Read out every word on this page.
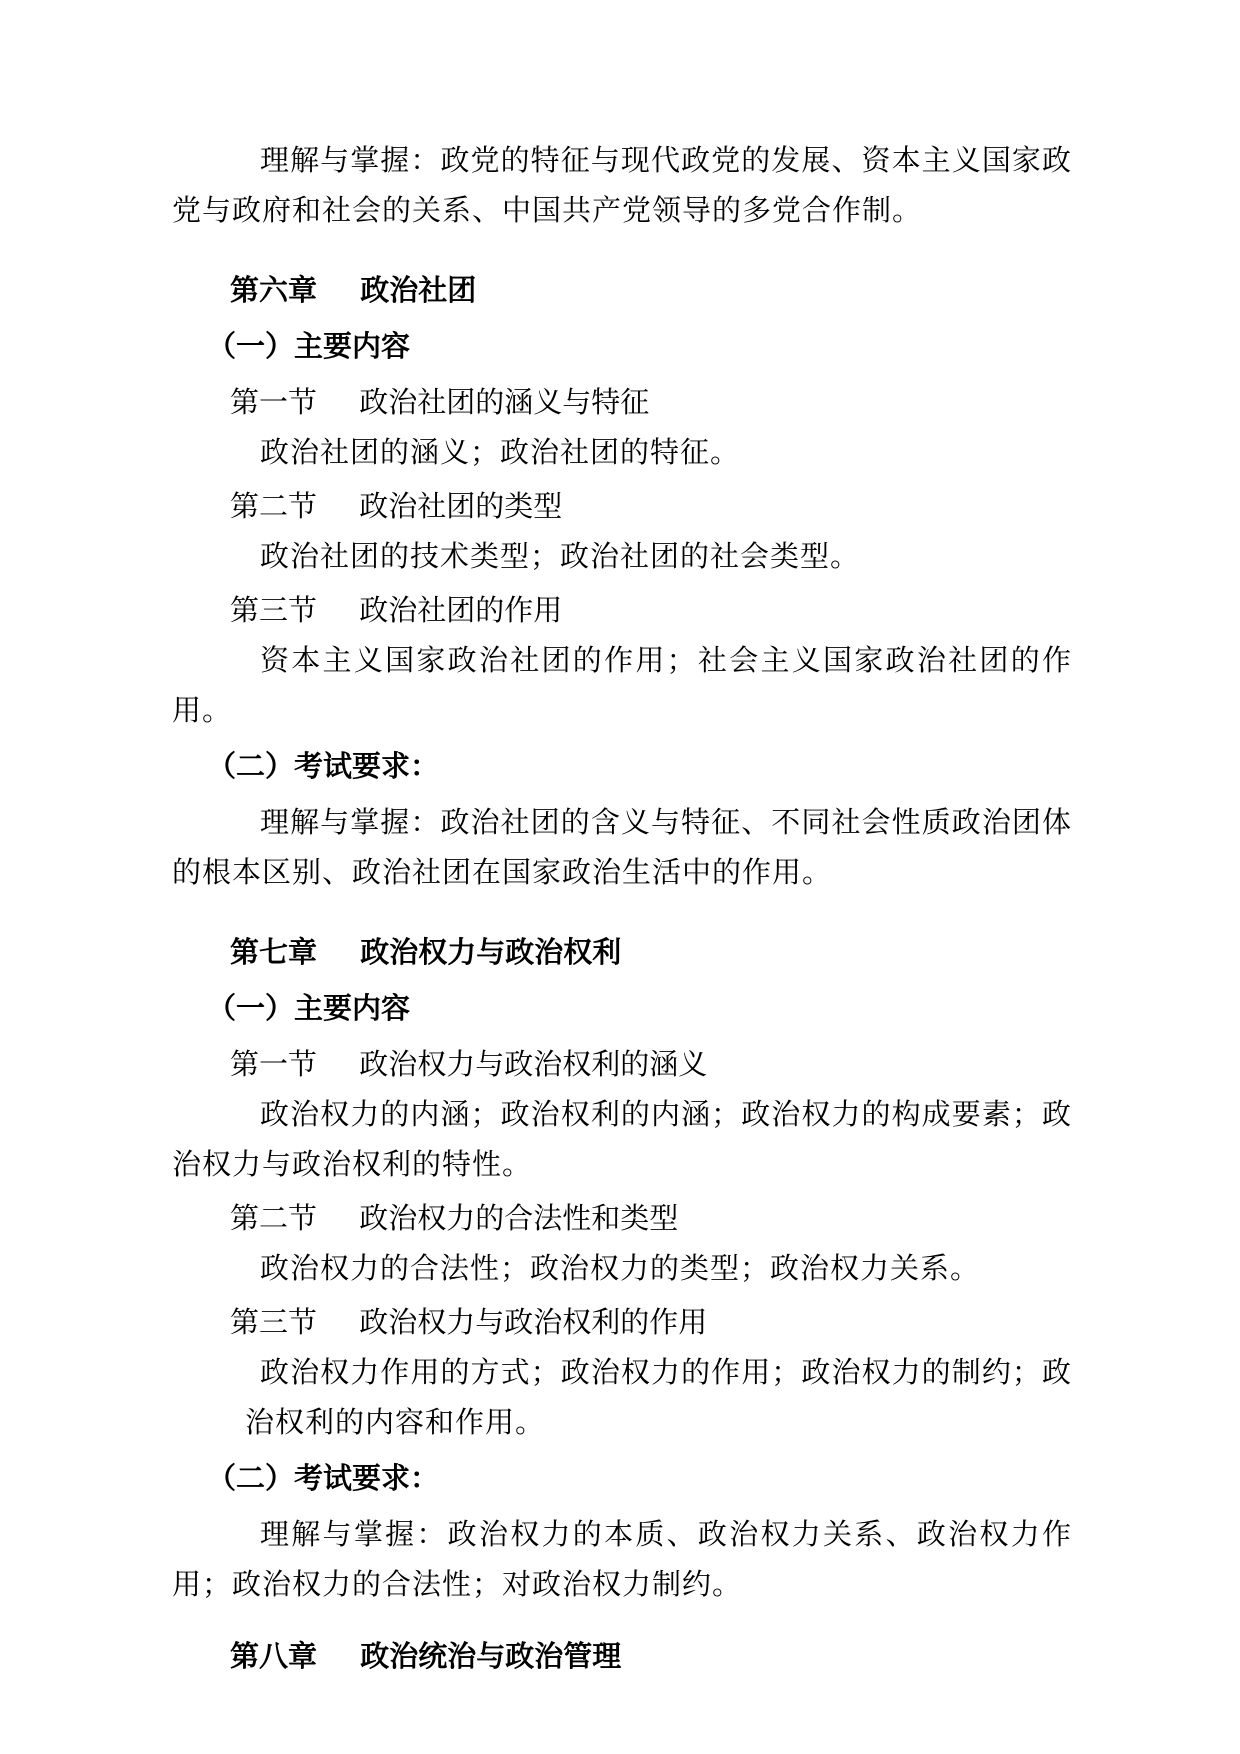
理解与掌握：政党的特征与现代政党的发展、资本主义国家政党与政府和社会的关系、中国共产党领导的多党合作制。

第六章 政治社团
（一）主要内容

第一节 政治社团的涵义与特征

政治社团的涵义；政治社团的特征。

第二节 政治社团的类型

政治社团的技术类型；政治社团的社会类型。

第三节 政治社团的作用

资本主义国家政治社团的作用；社会主义国家政治社团的作用。

（二）考试要求：

理解与掌握：政治社团的含义与特征、不同社会性质政治团体的根本区别、政治社团在国家政治生活中的作用。

第七章 政治权力与政治权利
（一）主要内容

第一节 政治权力与政治权利的涵义

政治权力的内涵；政治权利的内涵；政治权力的构成要素；政治权力与政治权利的特性。

第二节 政治权力的合法性和类型

政治权力的合法性；政治权力的类型；政治权力关系。

第三节 政治权力与政治权利的作用

政治权力作用的方式；政治权力的作用；政治权力的制约；政治权利的内容和作用。

（二）考试要求：

理解与掌握：政治权力的本质、政治权力关系、政治权力作用；政治权力的合法性；对政治权力制约。

第八章 政治统治与政治管理
